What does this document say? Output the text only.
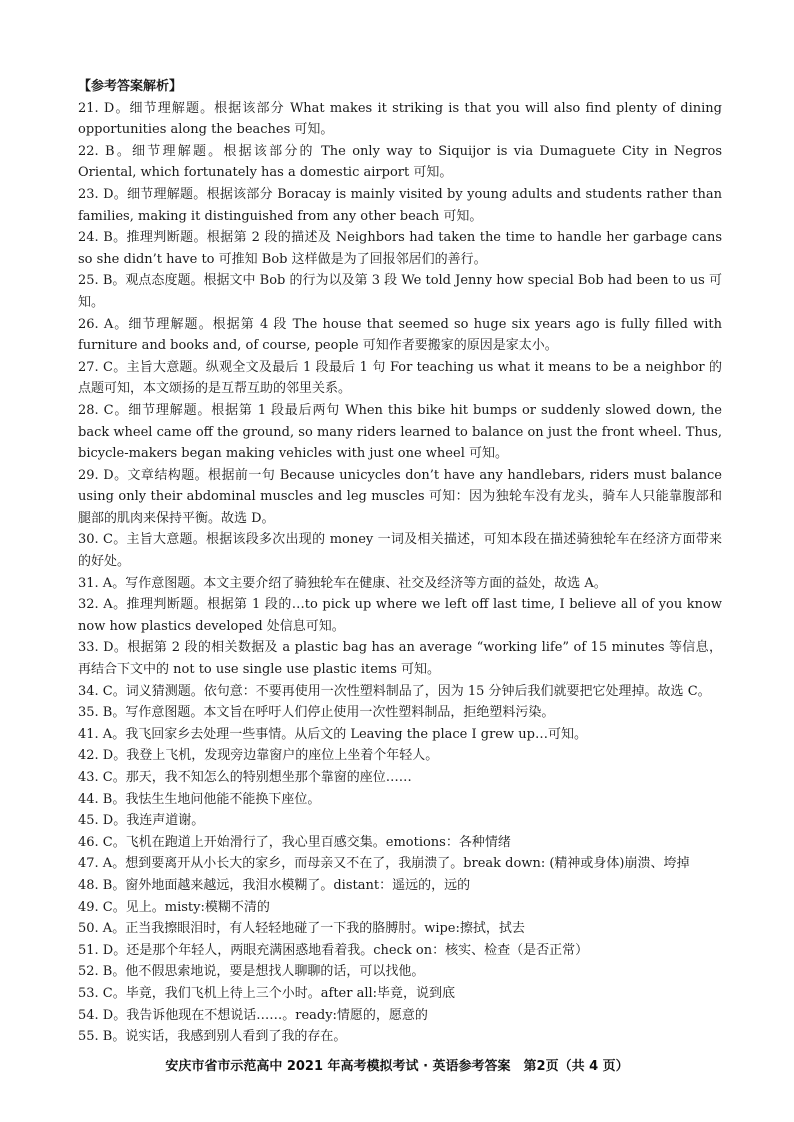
【参考答案解析】

21. D。细节理解题。根据该部分 What makes it striking is that you will also find plenty of dining opportunities along the beaches 可知。

22. B。细节理解题。根据该部分的 The only way to Siquijor is via Dumaguete City in Negros Oriental, which fortunately has a domestic airport 可知。

23. D。细节理解题。根据该部分 Boracay is mainly visited by young adults and students rather than families, making it distinguished from any other beach 可知。

24. B。推理判断题。根据第 2 段的描述及 Neighbors had taken the time to handle her garbage cans so she didn’t have to 可推知 Bob 这样做是为了回报邻居们的善行。

25. B。观点态度题。根据文中 Bob 的行为以及第 3 段 We told Jenny how special Bob had been to us 可知。

26. A。细节理解题。根据第 4 段 The house that seemed so huge six years ago is fully filled with furniture and books and, of course, people 可知作者要搬家的原因是家太小。

27. C。主旨大意题。纵观全文及最后 1 段最后 1 句 For teaching us what it means to be a neighbor 的点题可知，本文颂扬的是互帮互助的邻里关系。

28. C。细节理解题。根据第 1 段最后两句 When this bike hit bumps or suddenly slowed down, the back wheel came off the ground, so many riders learned to balance on just the front wheel. Thus, bicycle-makers began making vehicles with just one wheel 可知。

29. D。文章结构题。根据前一句 Because unicycles don’t have any handlebars, riders must balance using only their abdominal muscles and leg muscles 可知：因为独轮车没有龙头，骑车人只能靠腹部和腿部的肌肉来保持平衡。故选 D。

30. C。主旨大意题。根据该段多次出现的 money 一词及相关描述，可知本段在描述骑独轮车在经济方面带来的好处。

31. A。写作意图题。本文主要介绍了骑独轮车在健康、社交及经济等方面的益处，故选 A。

32. A。推理判断题。根据第 1 段的…to pick up where we left off last time, I believe all of you know now how plastics developed 处信息可知。

33. D。根据第 2 段的相关数据及 a plastic bag has an average “working life” of 15 minutes 等信息，再结合下文中的 not to use single use plastic items 可知。

34. C。词义猜测题。依句意：不要再使用一次性塑料制品了，因为 15 分钟后我们就要把它处理掉。故选 C。

35. B。写作意图题。本文旨在呼吁人们停止使用一次性塑料制品，拒绝塑料污染。

41. A。我飞回家乡去处理一些事情。从后文的 Leaving the place I grew up…可知。

42. D。我登上飞机，发现旁边靠窗户的座位上坐着个年轻人。

43. C。那天，我不知怎么的特别想坐那个靠窗的座位……

44. B。我怯生生地问他能不能换下座位。

45. D。我连声道谢。

46. C。飞机在跑道上开始滑行了，我心里百感交集。emotions：各种情绪

47. A。想到要离开从小长大的家乡，而母亲又不在了，我崩溃了。break down: (精神或身体)崩溃、垮掉

48. B。窗外地面越来越远，我泪水模糊了。distant：遥远的，远的

49. C。见上。misty:模糊不清的

50. A。正当我擦眼泪时，有人轻轻地碰了一下我的胳膊肘。wipe:擦拭，拭去

51. D。还是那个年轻人，两眼充满困惑地看着我。check on：核实、检查（是否正常）

52. B。他不假思索地说，要是想找人聊聊的话，可以找他。

53. C。毕竟，我们飞机上待上三个小时。after all:毕竟，说到底

54. D。我告诉他现在不想说话……。ready:情愿的，愿意的

55. B。说实话，我感到别人看到了我的存在。

安庆市省市示范高中 2021 年高考模拟考试 · 英语参考答案　第2页（共 4 页）
